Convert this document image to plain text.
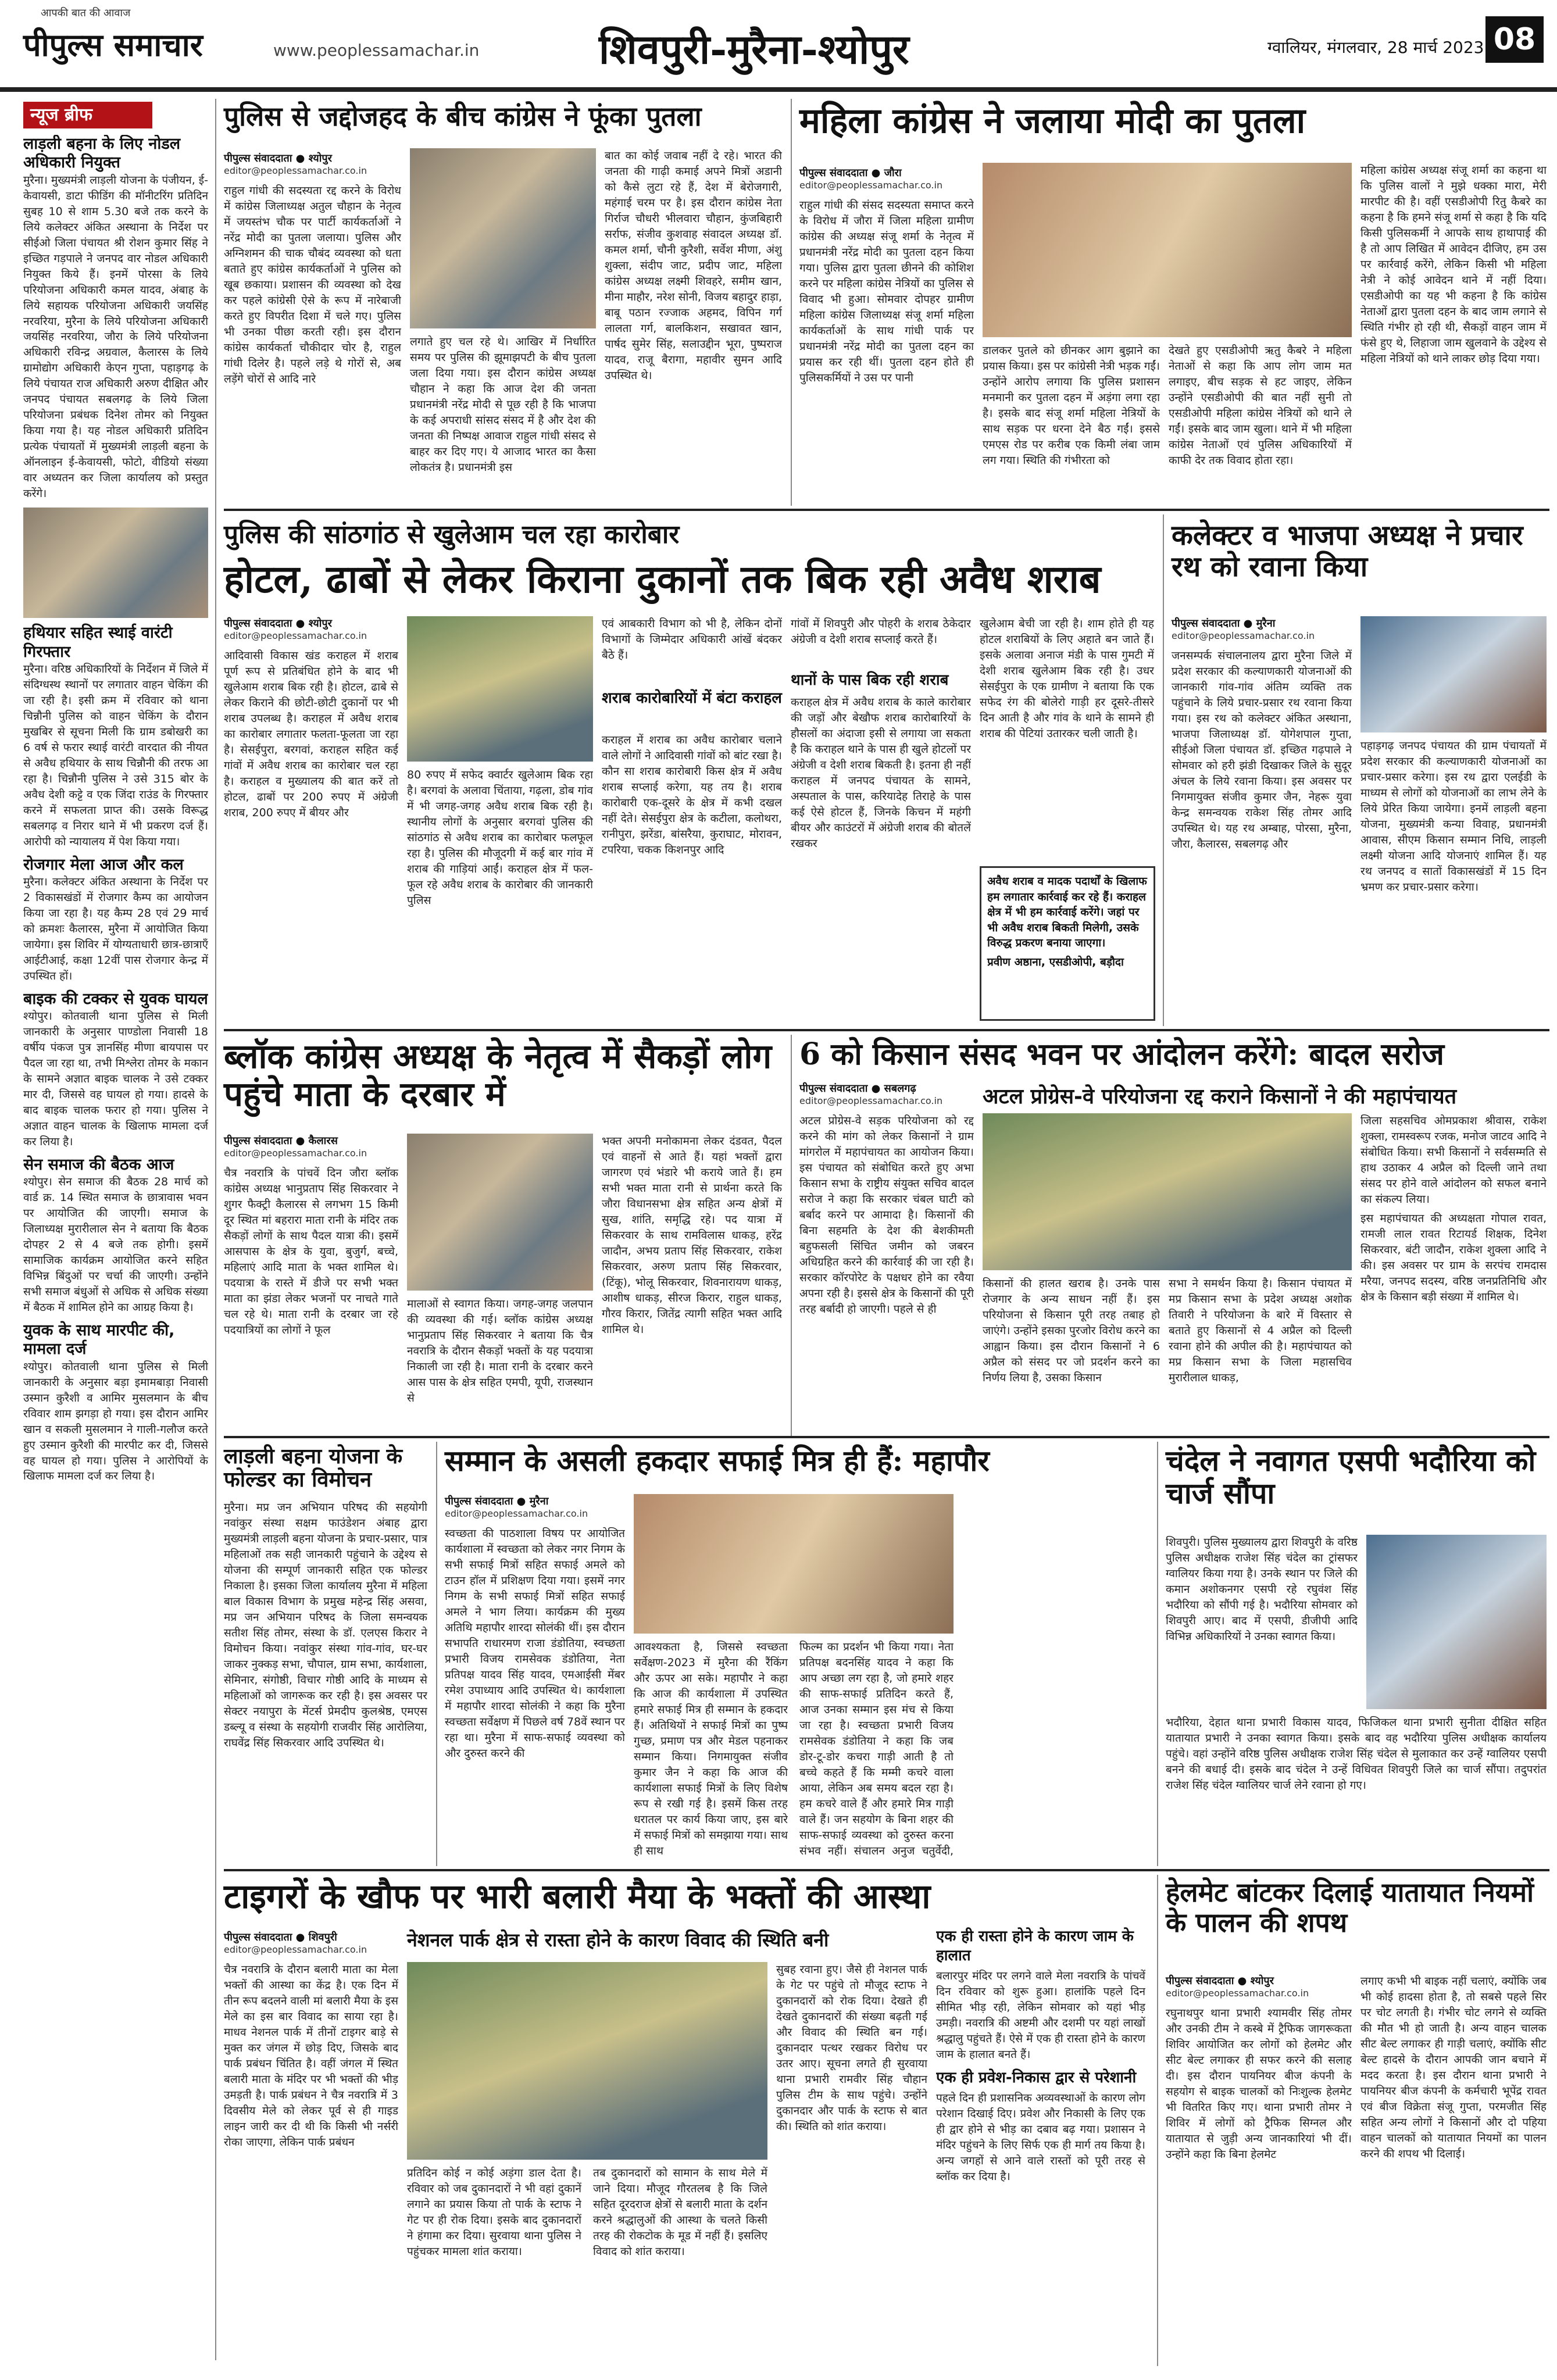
आपकी बात की आवाज
पीपुल्स समाचार	www.peoplessamachar.in	शिवपुरी-मुरैना-श्योपुर	ग्वालियर, मंगलवार, 28 मार्च 2023 08
न्यूज ब्रीफ
लाड़ली बहना के लिए नोडल अधिकारी नियुक्त
मुरैना। मुख्यमंत्री लाड़ली योजना के पंजीयन, ई-केवायसी, डाटा फीडिंग की मॉनीटरिंग प्रतिदिन सुबह 10 से शाम 5.30 बजे तक करने के लिये कलेक्टर अंकित अस्थाना के निर्देश पर सीईओ जिला पंचायत श्री रोशन कुमार सिंह ने इच्छित गड़पाले ने जनपद वार नोडल अधिकारी नियुक्त किये हैं। इनमें पोरसा के लिये परियोजना अधिकारी कमल यादव, अंबाह के लिये सहायक परियोजना अधिकारी जयसिंह नरवरिया, मुरैना के लिये परियोजना अधिकारी जयसिंह नरवरिया, जौरा के लिये परियोजना अधिकारी रविन्द्र अग्रवाल, कैलारस के लिये ग्रामोद्योग अधिकारी केएन गुप्ता, पहाड़गढ़ के लिये पंचायत राज अधिकारी अरुण दीक्षित और जनपद पंचायत सबलगढ़ के लिये जिला परियोजना प्रबंधक दिनेश तोमर को नियुक्त किया गया है। यह नोडल अधिकारी प्रतिदिन प्रत्येक पंचायतों में मुख्यमंत्री लाड़ली बहना के ऑनलाइन ई-केवायसी, फोटो, वीडियो संख्या वार अध्यतन कर जिला कार्यालय को प्रस्तुत करेंगे।
हथियार सहित स्थाई वारंटी गिरफ्तार
मुरैना। वरिष्ठ अधिकारियों के निर्देशन में जिले में संदिग्धस्थ स्थानों पर लगातार वाहन चेकिंग की जा रही है। इसी क्रम में रविवार को थाना चिन्नौनी पुलिस को वाहन चेकिंग के दौरान मुखबिर से सूचना मिली कि ग्राम डबोखरी का 6 वर्ष से फरार स्थाई वारंटी वारदात की नीयत से अवैध हथियार के साथ चिन्नौनी की तरफ आ रहा है। चिन्नौनी पुलिस ने उसे 315 बोर के अवैध देशी कट्टे व एक जिंदा राउंड के गिरफ्तार करने में सफलता प्राप्त की। उसके विरूद्ध सबलगढ़ व निरार थाने में भी प्रकरण दर्ज हैं। आरोपी को न्यायालय में पेश किया गया।
रोजगार मेला आज और कल
मुरैना। कलेक्टर अंकित अस्थाना के निर्देश पर 2 विकासखंडों में रोजगार कैम्प का आयोजन किया जा रहा है। यह कैम्प 28 एवं 29 मार्च को क्रमशः कैलारस, मुरैना में आयोजित किया जायेगा। इस शिविर में योग्यताधारी छात्र-छात्राएँ आईटीआई, कक्षा 12वीं पास रोजगार केन्द्र में उपस्थित हों।
बाइक की टक्कर से युवक घायल
श्योपुर। कोतवाली थाना पुलिस से मिली जानकारी के अनुसार पाण्डोला निवासी 18 वर्षीय पंकज पुत्र ज्ञानसिंह मीणा बायपास पर पैदल जा रहा था, तभी मिश्लेरा तोमर के मकान के सामने अज्ञात बाइक चालक ने उसे टक्कर मार दी, जिससे वह घायल हो गया। हादसे के बाद बाइक चालक फरार हो गया। पुलिस ने अज्ञात वाहन चालक के खिलाफ मामला दर्ज कर लिया है।
सेन समाज की बैठक आज
श्योपुर। सेन समाज की बैठक 28 मार्च को वार्ड क्र. 14 स्थित समाज के छात्रावास भवन पर आयोजित की जाएगी। समाज के जिलाध्यक्ष मुरारीलाल सेन ने बताया कि बैठक दोपहर 2 से 4 बजे तक होगी। इसमें सामाजिक कार्यक्रम आयोजित करने सहित विभिन्न बिंदुओं पर चर्चा की जाएगी। उन्होंने सभी समाज बंधुओं से अधिक से अधिक संख्या में बैठक में शामिल होने का आग्रह किया है।
युवक के साथ मारपीट की, मामला दर्ज
श्योपुर। कोतवाली थाना पुलिस से मिली जानकारी के अनुसार बड़ा इमामबाड़ा निवासी उस्मान कुरैशी व आमिर मुसलमान के बीच रविवार शाम झगड़ा हो गया। इस दौरान आमिर खान व सकली मुसलमान ने गाली-गलौज करते हुए उस्मान कुरैशी की मारपीट कर दी, जिससे वह घायल हो गया। पुलिस ने आरोपियों के खिलाफ मामला दर्ज कर लिया है।
पुलिस से जद्दोजहद के बीच कांग्रेस ने फूंका पुतला
पीपुल्स संवाददाता ● श्योपुर
editor@peoplessamachar.co.in
राहुल गांधी की सदस्यता रद्द करने के विरोध में कांग्रेस जिलाध्यक्ष अतुल चौहान के नेतृत्व में जयस्तंभ चौक पर पार्टी कार्यकर्ताओं ने नरेंद्र मोदी का पुतला जलाया। पुलिस और अग्निशमन की चाक चौबंद व्यवस्था को धता बताते हुए कांग्रेस कार्यकर्ताओं ने पुलिस को खूब छकाया। प्रशासन की व्यवस्था को देख कर पहले कांग्रेसी ऐसे के रूप में नारेबाजी करते हुए विपरीत दिशा में चले गए। पुलिस भी उनका पीछा करती रही। इस दौरान कांग्रेस कार्यकर्ता चौकीदार चोर है, राहुल गांधी दिलेर है। पहले लड़े थे गोरों से, अब लड़ेंगे चोरों से आदि नारे
लगाते हुए चल रहे थे। आखिर में निर्धारित समय पर पुलिस की झूमाझपटी के बीच पुतला जला दिया गया। इस दौरान कांग्रेस अध्यक्ष चौहान ने कहा कि आज देश की जनता प्रधानमंत्री नरेंद्र मोदी से पूछ रही है कि भाजपा के कई अपराधी सांसद संसद में है और देश की जनता की निष्पक्ष आवाज राहुल गांधी संसद से बाहर कर दिए गए। ये आजाद भारत का कैसा लोकतंत्र है। प्रधानमंत्री इस
बात का कोई जवाब नहीं दे रहे। भारत की जनता की गाढ़ी कमाई अपने मित्रों अडानी को कैसे लुटा रहे हैं, देश में बेरोजगारी, महंगाई चरम पर है। इस दौरान कांग्रेस नेता गिर्राज चौधरी भीलवारा चौहान, कुंजबिहारी सर्राफ, संजीव कुशवाह संवादल अध्यक्ष डॉ. कमल शर्मा, चौनी कुरैशी, सर्वेश मीणा, अंशु शुक्ला, संदीप जाट, प्रदीप जाट, महिला कांग्रेस अध्यक्ष लक्ष्मी शिवहरे, समीम खान, मीना माहौर, नरेश सोनी, विजय बहादुर हाड़ा, बाबू पठान रज्जाक अहमद, विपिन गर्ग लालता गर्ग, बालकिशन, सखावत खान, पार्षद सुमेर सिंह, सलाउद्दीन भूरा, पुष्पराज यादव, राजू बैरागा, महावीर सुमन आदि उपस्थित थे।
महिला कांग्रेस ने जलाया मोदी का पुतला
पीपुल्स संवाददाता ● जौरा
editor@peoplessamachar.co.in
राहुल गांधी की संसद सदस्यता समाप्त करने के विरोध में जौरा में जिला महिला ग्रामीण कांग्रेस की अध्यक्ष संजू शर्मा के नेतृत्व में प्रधानमंत्री नरेंद्र मोदी का पुतला दहन किया गया। पुलिस द्वारा पुतला छीनने की कोशिश करने पर महिला कांग्रेस नेत्रियों का पुलिस से विवाद भी हुआ। सोमवार दोपहर ग्रामीण महिला कांग्रेस जिलाध्यक्ष संजू शर्मा महिला कार्यकर्ताओं के साथ गांधी पार्क पर प्रधानमंत्री नरेंद्र मोदी का पुतला दहन का प्रयास कर रही थीं। पुतला दहन होते ही पुलिसकर्मियों ने उस पर पानी
डालकर पुतले को छीनकर आग बुझाने का प्रयास किया। इस पर कांग्रेसी नेत्री भड़क गईं। उन्होंने आरोप लगाया कि पुलिस प्रशासन मनमानी कर पुतला दहन में अड़ंगा लगा रहा है। इसके बाद संजू शर्मा महिला नेत्रियों के साथ सड़क पर धरना देने बैठ गईं। इससे एमएस रोड पर करीब एक किमी लंबा जाम लग गया। स्थिति की गंभीरता को
देखते हुए एसडीओपी ऋतु कैबरे ने महिला नेताओं से कहा कि आप लोग जाम मत लगाइए, बीच सड़क से हट जाइए, लेकिन उन्होंने एसडीओपी की बात नहीं सुनी तो एसडीओपी महिला कांग्रेस नेत्रियों को थाने ले गईं। इसके बाद जाम खुला। थाने में भी महिला कांग्रेस नेताओं एवं पुलिस अधिकारियों में काफी देर तक विवाद होता रहा।
महिला कांग्रेस अध्यक्ष संजू शर्मा का कहना था कि पुलिस वालों ने मुझे धक्का मारा, मेरी मारपीट की है। वहीं एसडीओपी रितु कैबरे का कहना है कि हमने संजू शर्मा से कहा है कि यदि किसी पुलिसकर्मी ने आपके साथ हाथापाई की है तो आप लिखित में आवेदन दीजिए, हम उस पर कार्रवाई करेंगे, लेकिन किसी भी महिला नेत्री ने कोई आवेदन थाने में नहीं दिया। एसडीओपी का यह भी कहना है कि कांग्रेस नेताओं द्वारा पुतला दहन के बाद जाम लगाने से स्थिति गंभीर हो रही थी, सैकड़ों वाहन जाम में फंसे हुए थे, लिहाजा जाम खुलवाने के उद्देश्य से महिला नेत्रियों को थाने लाकर छोड़ दिया गया।
पुलिस की सांठगांठ से खुलेआम चल रहा कारोबार
होटल, ढाबों से लेकर किराना दुकानों तक बिक रही अवैध शराब
पीपुल्स संवाददाता ● श्योपुर
editor@peoplessamachar.co.in
आदिवासी विकास खंड कराहल में शराब पूर्ण रूप से प्रतिबंधित होने के बाद भी खुलेआम शराब बिक रही है। होटल, ढाबे से लेकर किराने की छोटी-छोटी दुकानों पर भी शराब उपलब्ध है। कराहल में अवैध शराब का कारोबार लगातार फलता-फूलता जा रहा है। सेसईपुरा, बरगवां, कराहल सहित कई गांवों में अवैध शराब का कारोबार चल रहा है। कराहल व मुख्यालय की बात करें तो होटल, ढाबों पर 200 रुपए में अंग्रेजी शराब, 200 रुपए में बीयर और
80 रुपए में सफेद क्वार्टर खुलेआम बिक रहा है। बरगवां के अलावा चिंताया, गढ़ला, डोब गांव में भी जगह-जगह अवैध शराब बिक रही है। स्थानीय लोगों के अनुसार बरगवां पुलिस की सांठगांठ से अवैध शराब का कारोबार फलफूल रहा है। पुलिस की मौजूदगी में कई बार गांव में शराब की गाड़ियां आईं। कराहल क्षेत्र में फल-फूल रहे अवैध शराब के कारोबार की जानकारी पुलिस
एवं आबकारी विभाग को भी है, लेकिन दोनों विभागों के जिम्मेदार अधिकारी आंखें बंदकर बैठे हैं।
शराब कारोबारियों में बंटा कराहल
कराहल में शराब का अवैध कारोबार चलाने वाले लोगों ने आदिवासी गांवों को बांट रखा है। कौन सा शराब कारोबारी किस क्षेत्र में अवैध शराब सप्लाई करेगा, यह तय है। शराब कारोबारी एक-दूसरे के क्षेत्र में कभी दखल नहीं देते। सेसईपुरा क्षेत्र के कटीला, कलोथरा, रानीपुरा, झरेंडा, बांसरैया, कुराघाट, मोरावन, टपरिया, चकक किशनपुर आदि
गांवों में शिवपुरी और पोहरी के शराब ठेकेदार अंग्रेजी व देशी शराब सप्लाई करते हैं।
थानों के पास बिक रही शराब
कराहल क्षेत्र में अवैध शराब के काले कारोबार की जड़ों और बेखौफ शराब कारोबारियों के हौसलों का अंदाजा इसी से लगाया जा सकता है कि कराहल थाने के पास ही खुले होटलों पर अंग्रेजी व देशी शराब बिकती है। इतना ही नहीं कराहल में जनपद पंचायत के सामने, अस्पताल के पास, करियादेह तिराहे के पास कई ऐसे होटल हैं, जिनके किचन में महंगी बीयर और काउंटरों में अंग्रेजी शराब की बोतलें रखकर
खुलेआम बेची जा रही है। शाम होते ही यह होटल शराबियों के लिए अहाते बन जाते हैं। इसके अलावा अनाज मंडी के पास गुमटी में देशी शराब खुलेआम बिक रही है। उधर सेसईपुरा के एक ग्रामीण ने बताया कि एक सफेद रंग की बोलेरो गाड़ी हर दूसरे-तीसरे दिन आती है और गांव के थाने के सामने ही शराब की पेटियां उतारकर चली जाती है।
अवैध शराब व मादक पदार्थों के खिलाफ हम लगातार कार्रवाई कर रहे हैं। कराहल क्षेत्र में भी हम कार्रवाई करेंगे। जहां पर भी अवैध शराब बिकती मिलेगी, उसके विरुद्ध प्रकरण बनाया जाएगा।
प्रवीण अष्ठाना, एसडीओपी, बड़ौदा
कलेक्टर व भाजपा अध्यक्ष ने प्रचार रथ को रवाना किया
पीपुल्स संवाददाता ● मुरैना
editor@peoplessamachar.co.in
जनसम्पर्क संचालनालय द्वारा मुरैना जिले में प्रदेश सरकार की कल्याणकारी योजनाओं की जानकारी गांव-गांव अंतिम व्यक्ति तक पहुंचाने के लिये प्रचार-प्रसार रथ रवाना किया गया। इस रथ को कलेक्टर अंकित अस्थाना, भाजपा जिलाध्यक्ष डॉ. योगेशपाल गुप्ता, सीईओ जिला पंचायत डॉ. इच्छित गढ़पाले ने सोमवार को हरी झंडी दिखाकर जिले के सुदूर अंचल के लिये रवाना किया। इस अवसर पर निगमायुक्त संजीव कुमार जैन, नेहरू युवा केन्द्र समन्वयक राकेश सिंह तोमर आदि उपस्थित थे। यह रथ अम्बाह, पोरसा, मुरैना, जौरा, कैलारस, सबलगढ़ और
पहाड़गढ़ जनपद पंचायत की ग्राम पंचायतों में प्रदेश सरकार की कल्याणकारी योजनाओं का प्रचार-प्रसार करेगा। इस रथ द्वारा एलईडी के माध्यम से लोगों को योजनाओं का लाभ लेने के लिये प्रेरित किया जायेगा। इनमें लाड़ली बहना योजना, मुख्यमंत्री कन्या विवाह, प्रधानमंत्री आवास, सीएम किसान सम्मान निधि, लाड़ली लक्ष्मी योजना आदि योजनाएं शामिल हैं। यह रथ जनपद व सातों विकासखंडों में 15 दिन भ्रमण कर प्रचार-प्रसार करेगा।
ब्लॉक कांग्रेस अध्यक्ष के नेतृत्व में सैकड़ों लोग पहुंचे माता के दरबार में
पीपुल्स संवाददाता ● कैलारस
editor@peoplessamachar.co.in
चैत्र नवरात्रि के पांचवें दिन जौरा ब्लॉक कांग्रेस अध्यक्ष भानुप्रताप सिंह सिकरवार ने शुगर फैक्ट्री कैलारस से लगभग 15 किमी दूर स्थित मां बहरारा माता रानी के मंदिर तक सैकड़ों लोगों के साथ पैदल यात्रा की। इसमें आसपास के क्षेत्र के युवा, बुजुर्ग, बच्चे, महिलाएं आदि माता के भक्त शामिल थे। पदयात्रा के रास्ते में डीजे पर सभी भक्त माता का झंडा लेकर भजनों पर नाचते गाते चल रहे थे। माता रानी के दरबार जा रहे पदयात्रियों का लोगों ने फूल
मालाओं से स्वागत किया। जगह-जगह जलपान की व्यवस्था की गई। ब्लॉक कांग्रेस अध्यक्ष भानुप्रताप सिंह सिकरवार ने बताया कि चैत्र नवरात्रि के दौरान सैकड़ों भक्तों के यह पदयात्रा निकाली जा रही है। माता रानी के दरबार करने आस पास के क्षेत्र सहित एमपी, यूपी, राजस्थान से
भक्त अपनी मनोकामना लेकर दंडवत, पैदल एवं वाहनों से आते हैं। यहां भक्तों द्वारा जागरण एवं भंडारे भी कराये जाते हैं। हम सभी भक्त माता रानी से प्रार्थना करते कि जौरा विधानसभा क्षेत्र सहित अन्य क्षेत्रों में सुख, शांति, समृद्धि रहे। पद यात्रा में सिकरवार के साथ रामविलास धाकड़, हरेंद्र जादौन, अभय प्रताप सिंह सिकरवार, राकेश सिकरवार, अरुण प्रताप सिंह सिकरवार, (टिंकू), भोलू सिकरवार, शिवनारायण धाकड़, आशीष धाकड़, सीरज किरार, राहुल धाकड़, गौरव किरार, जितेंद्र त्यागी सहित भक्त आदि शामिल थे।
6 को किसान संसद भवन पर आंदोलन करेंगे: बादल सरोज
पीपुल्स संवाददाता ● सबलगढ़
editor@peoplessamachar.co.in	अटल प्रोग्रेस-वे परियोजना रद्द कराने किसानों ने की महापंचायत
अटल प्रोग्रेस-वे सड़क परियोजना को रद्द करने की मांग को लेकर किसानों ने ग्राम मांगरोल में महापंचायत का आयोजन किया। इस पंचायत को संबोधित करते हुए अभा किसान सभा के राष्ट्रीय संयुक्त सचिव बादल सरोज ने कहा कि सरकार चंबल घाटी को बर्बाद करने पर आमादा है। किसानों की बिना सहमति के देश की बेशकीमती बहुफसली सिंचित जमीन को जबरन अधिग्रहित करने की कार्रवाई की जा रही है। सरकार कॉरपोरेट के पक्षधर होने का रवैया अपना रही है। इससे क्षेत्र के किसानों की पूरी तरह बर्बादी हो जाएगी। पहले से ही
किसानों की हालत खराब है। उनके पास रोजगार के अन्य साधन नहीं हैं। इस परियोजना से किसान पूरी तरह तबाह हो जाएंगे। उन्होंने इसका पुरजोर विरोध करने का आह्वान किया। इस दौरान किसानों ने 6 अप्रैल को संसद पर जो प्रदर्शन करने का निर्णय लिया है, उसका किसान
सभा ने समर्थन किया है। किसान पंचायत में मप्र किसान सभा के प्रदेश अध्यक्ष अशोक तिवारी ने परियोजना के बारे में विस्तार से बताते हुए किसानों से 4 अप्रैल को दिल्ली रवाना होने की अपील की है। महापंचायत को मप्र किसान सभा के जिला महासचिव मुरारीलाल धाकड़,
जिला सहसचिव ओमप्रकाश श्रीवास, राकेश शुक्ला, रामस्वरूप रजक, मनोज जाटव आदि ने संबोधित किया। सभी किसानों ने सर्वसम्मति से हाथ उठाकर 4 अप्रैल को दिल्ली जाने तथा संसद पर होने वाले आंदोलन को सफल बनाने का संकल्प लिया।
इस महापंचायत की अध्यक्षता गोपाल रावत, रामजी लाल रावत रिटायर्ड शिक्षक, दिनेश सिकरवार, बंटी जादौन, राकेश शुक्ला आदि ने की। इस अवसर पर ग्राम के सरपंच रामदास मरैया, जनपद सदस्य, वरिष्ठ जनप्रतिनिधि और क्षेत्र के किसान बड़ी संख्या में शामिल थे।
लाड़ली बहना योजना के फोल्डर का विमोचन
मुरैना। मप्र जन अभियान परिषद की सहयोगी नवांकुर संस्था सक्षम फाउंडेशन अंबाह द्वारा मुख्यमंत्री लाड़ली बहना योजना के प्रचार-प्रसार, पात्र महिलाओं तक सही जानकारी पहुंचाने के उद्देश्य से योजना की सम्पूर्ण जानकारी सहित एक फोल्डर निकाला है। इसका जिला कार्यालय मुरैना में महिला बाल विकास विभाग के प्रमुख महेन्द्र सिंह असवा, मप्र जन अभियान परिषद के जिला समन्वयक सतीश सिंह तोमर, संस्था के डॉ. एलएस किरार ने विमोचन किया। नवांकुर संस्था गांव-गांव, घर-घर जाकर नुक्कड़ सभा, चौपाल, ग्राम सभा, कार्यशाला, सेमिनार, संगोष्ठी, विचार गोष्ठी आदि के माध्यम से महिलाओं को जागरूक कर रही है। इस अवसर पर सेक्टर नयापुरा के मेंटर्स प्रेमदीप कुलश्रेष्ठ, एमएस डब्ल्यू व संस्था के सहयोगी राजवीर सिंह आरोलिया, राघवेंद्र सिंह सिकरवार आदि उपस्थित थे।
सम्मान के असली हकदार सफाई मित्र ही हैं: महापौर
पीपुल्स संवाददाता ● मुरैना
editor@peoplessamachar.co.in
स्वच्छता की पाठशाला विषय पर आयोजित कार्यशाला में स्वच्छता को लेकर नगर निगम के सभी सफाई मित्रों सहित सफाई अमले को टाउन हॉल में प्रशिक्षण दिया गया। इसमें नगर निगम के सभी सफाई मित्रों सहित सफाई अमले ने भाग लिया। कार्यक्रम की मुख्य अतिथि महापौर शारदा सोलंकी थीं। इस दौरान सभापति राधारमण राजा डंडोतिया, स्वच्छता प्रभारी विजय रामसेवक डंडोतिया, नेता प्रतिपक्ष यादव सिंह यादव, एमआईसी मेंबर रमेश उपाध्याय आदि उपस्थित थे। कार्यशाला में महापौर शारदा सोलंकी ने कहा कि मुरैना स्वच्छता सर्वेक्षण में पिछले वर्ष 78वें स्थान पर रहा था। मुरैना में साफ-सफाई व्यवस्था को और दुरुस्त करने की
आवश्यकता है, जिससे स्वच्छता सर्वेक्षण-2023 में मुरैना की रैंकिंग और ऊपर आ सके। महापौर ने कहा कि आज की कार्यशाला में उपस्थित हमारे सफाई मित्र ही सम्मान के हकदार हैं। अतिथियों ने सफाई मित्रों का पुष्प गुच्छ, प्रमाण पत्र और मेडल पहनाकर सम्मान किया। निगमायुक्त संजीव कुमार जैन ने कहा कि आज की कार्यशाला सफाई मित्रों के लिए विशेष रूप से रखी गई है। इसमें किस तरह धरातल पर कार्य किया जाए, इस बारे में सफाई मित्रों को समझाया गया। साथ ही साथ
फिल्म का प्रदर्शन भी किया गया। नेता प्रतिपक्ष बदनसिंह यादव ने कहा कि आप अच्छा लग रहा है, जो हमारे शहर की साफ-सफाई प्रतिदिन करते हैं, आज उनका सम्मान इस मंच से किया जा रहा है। स्वच्छता प्रभारी विजय रामसेवक डंडोतिया ने कहा कि जब डोर-टू-डोर कचरा गाड़ी आती है तो बच्चे कहते हैं कि मम्मी कचरे वाला आया, लेकिन अब समय बदल रहा है। हम कचरे वाले हैं और हमारे मित्र गाड़ी वाले हैं। जन सहयोग के बिना शहर की साफ-सफाई व्यवस्था को दुरुस्त करना संभव नहीं। संचालन अनुज चतुर्वेदी,
चंदेल ने नवागत एसपी भदौरिया को चार्ज सौंपा
शिवपुरी। पुलिस मुख्यालय द्वारा शिवपुरी के वरिष्ठ पुलिस अधीक्षक राजेश सिंह चंदेल का ट्रांसफर ग्वालियर किया गया है। उनके स्थान पर जिले की कमान अशोकनगर एसपी रहे रघुवंश सिंह भदौरिया को सौंपी गई है। भदौरिया सोमवार को शिवपुरी आए। बाद में एसपी, डीजीपी आदि विभिन्न अधिकारियों ने उनका स्वागत किया।
भदौरिया, देहात थाना प्रभारी विकास यादव, फिजिकल थाना प्रभारी सुनीता दीक्षित सहित यातायात प्रभारी ने उनका स्वागत किया। इसके बाद वह भदौरिया पुलिस अधीक्षक कार्यालय पहुंचे। वहां उन्होंने वरिष्ठ पुलिस अधीक्षक राजेश सिंह चंदेल से मुलाकात कर उन्हें ग्वालियर एसपी बनने की बधाई दी। इसके बाद चंदेल ने उन्हें विधिवत शिवपुरी जिले का चार्ज सौंपा। तदुपरांत राजेश सिंह चंदेल ग्वालियर चार्ज लेने रवाना हो गए।
टाइगरों के खौफ पर भारी बलारी मैया के भक्तों की आस्था
नेशनल पार्क क्षेत्र से रास्ता होने के कारण विवाद की स्थिति बनी
पीपुल्स संवाददाता ● शिवपुरी
editor@peoplessamachar.co.in
चैत्र नवरात्रि के दौरान बलारी माता का मेला भक्तों की आस्था का केंद्र है। एक दिन में तीन रूप बदलने वाली मां बलारी मैया के इस मेले का इस बार विवाद का साया रहा है। माधव नेशनल पार्क में तीनों टाइगर बाड़े से मुक्त कर जंगल में छोड़ दिए, जिसके बाद पार्क प्रबंधन चिंतित है। वहीं जंगल में स्थित बलारी माता के मंदिर पर भी भक्तों की भीड़ उमड़ती है। पार्क प्रबंधन ने चैत्र नवरात्रि में 3 दिवसीय मेले को लेकर पूर्व से ही गाइड लाइन जारी कर दी थी कि किसी भी नर्सरी रोका जाएगा, लेकिन पार्क प्रबंधन
प्रतिदिन कोई न कोई अड़ंगा डाल देता है। रविवार को जब दुकानदारों ने भी वहां दुकानें लगाने का प्रयास किया तो पार्क के स्टाफ ने गेट पर ही रोक दिया। इसके बाद दुकानदारों ने हंगामा कर दिया। सुरवाया थाना पुलिस ने पहुंचकर मामला शांत कराया।
तब दुकानदारों को सामान के साथ मेले में जाने दिया। मौजूद गौरतलब है कि जिले सहित दूरदराज क्षेत्रों से बलारी माता के दर्शन करने श्रद्धालुओं की आस्था के चलते किसी तरह की रोकटोक के मूड में नहीं हैं। इसलिए विवाद को शांत कराया।
सुबह रवाना हुए। जैसे ही नेशनल पार्क के गेट पर पहुंचे तो मौजूद स्टाफ ने दुकानदारों को रोक दिया। देखते ही देखते दुकानदारों की संख्या बढ़ती गई और विवाद की स्थिति बन गई। दुकानदार पत्थर रखकर विरोध पर उतर आए। सूचना लगते ही सुरवाया थाना प्रभारी रामवीर सिंह चौहान पुलिस टीम के साथ पहुंचे। उन्होंने दुकानदार और पार्क के स्टाफ से बात की। स्थिति को शांत कराया।
एक ही रास्ता होने के कारण जाम के हालात
बलारपुर मंदिर पर लगने वाले मेला नवरात्रि के पांचवें दिन रविवार को शुरू हुआ। हालांकि पहले दिन सीमित भीड़ रही, लेकिन सोमवार को यहां भीड़ उमड़ी। नवरात्रि की अष्टमी और दशमी पर यहां लाखों श्रद्धालु पहुंचते हैं। ऐसे में एक ही रास्ता होने के कारण जाम के हालात बनते हैं।
एक ही प्रवेश-निकास द्वार से परेशानी
पहले दिन ही प्रशासनिक अव्यवस्थाओं के कारण लोग परेशान दिखाई दिए। प्रवेश और निकासी के लिए एक ही द्वार होने से भीड़ का दबाव बढ़ गया। प्रशासन ने मंदिर पहुंचने के लिए सिर्फ एक ही मार्ग तय किया है। अन्य जगहों से आने वाले रास्तों को पूरी तरह से ब्लॉक कर दिया है।
हेलमेट बांटकर दिलाई यातायात नियमों के पालन की शपथ
पीपुल्स संवाददाता ● श्योपुर
editor@peoplessamachar.co.in
रघुनाथपुर थाना प्रभारी श्यामवीर सिंह तोमर और उनकी टीम ने कस्बे में ट्रैफिक जागरूकता शिविर आयोजित कर लोगों को हेलमेट और सीट बेल्ट लगाकर ही सफर करने की सलाह दी। इस दौरान पायनियर बीज कंपनी के सहयोग से बाइक चालकों को निःशुल्क हेलमेट भी वितरित किए गए। थाना प्रभारी तोमर ने शिविर में लोगों को ट्रैफिक सिग्नल और यातायात से जुड़ी अन्य जानकारियां भी दीं। उन्होंने कहा कि बिना हेलमेट
लगाए कभी भी बाइक नहीं चलाएं, क्योंकि जब भी कोई हादसा होता है, तो सबसे पहले सिर पर चोट लगती है। गंभीर चोट लगने से व्यक्ति की मौत भी हो जाती है। अन्य वाहन चालक सीट बेल्ट लगाकर ही गाड़ी चलाएं, क्योंकि सीट बेल्ट हादसे के दौरान आपकी जान बचाने में मदद करता है। इस दौरान थाना प्रभारी ने पायनियर बीज कंपनी के कर्मचारी भूपेंद्र रावत एवं बीज विक्रेता संजू गुप्ता, परमजीत सिंह सहित अन्य लोगों ने किसानों और दो पहिया वाहन चालकों को यातायात नियमों का पालन करने की शपथ भी दिलाई।
